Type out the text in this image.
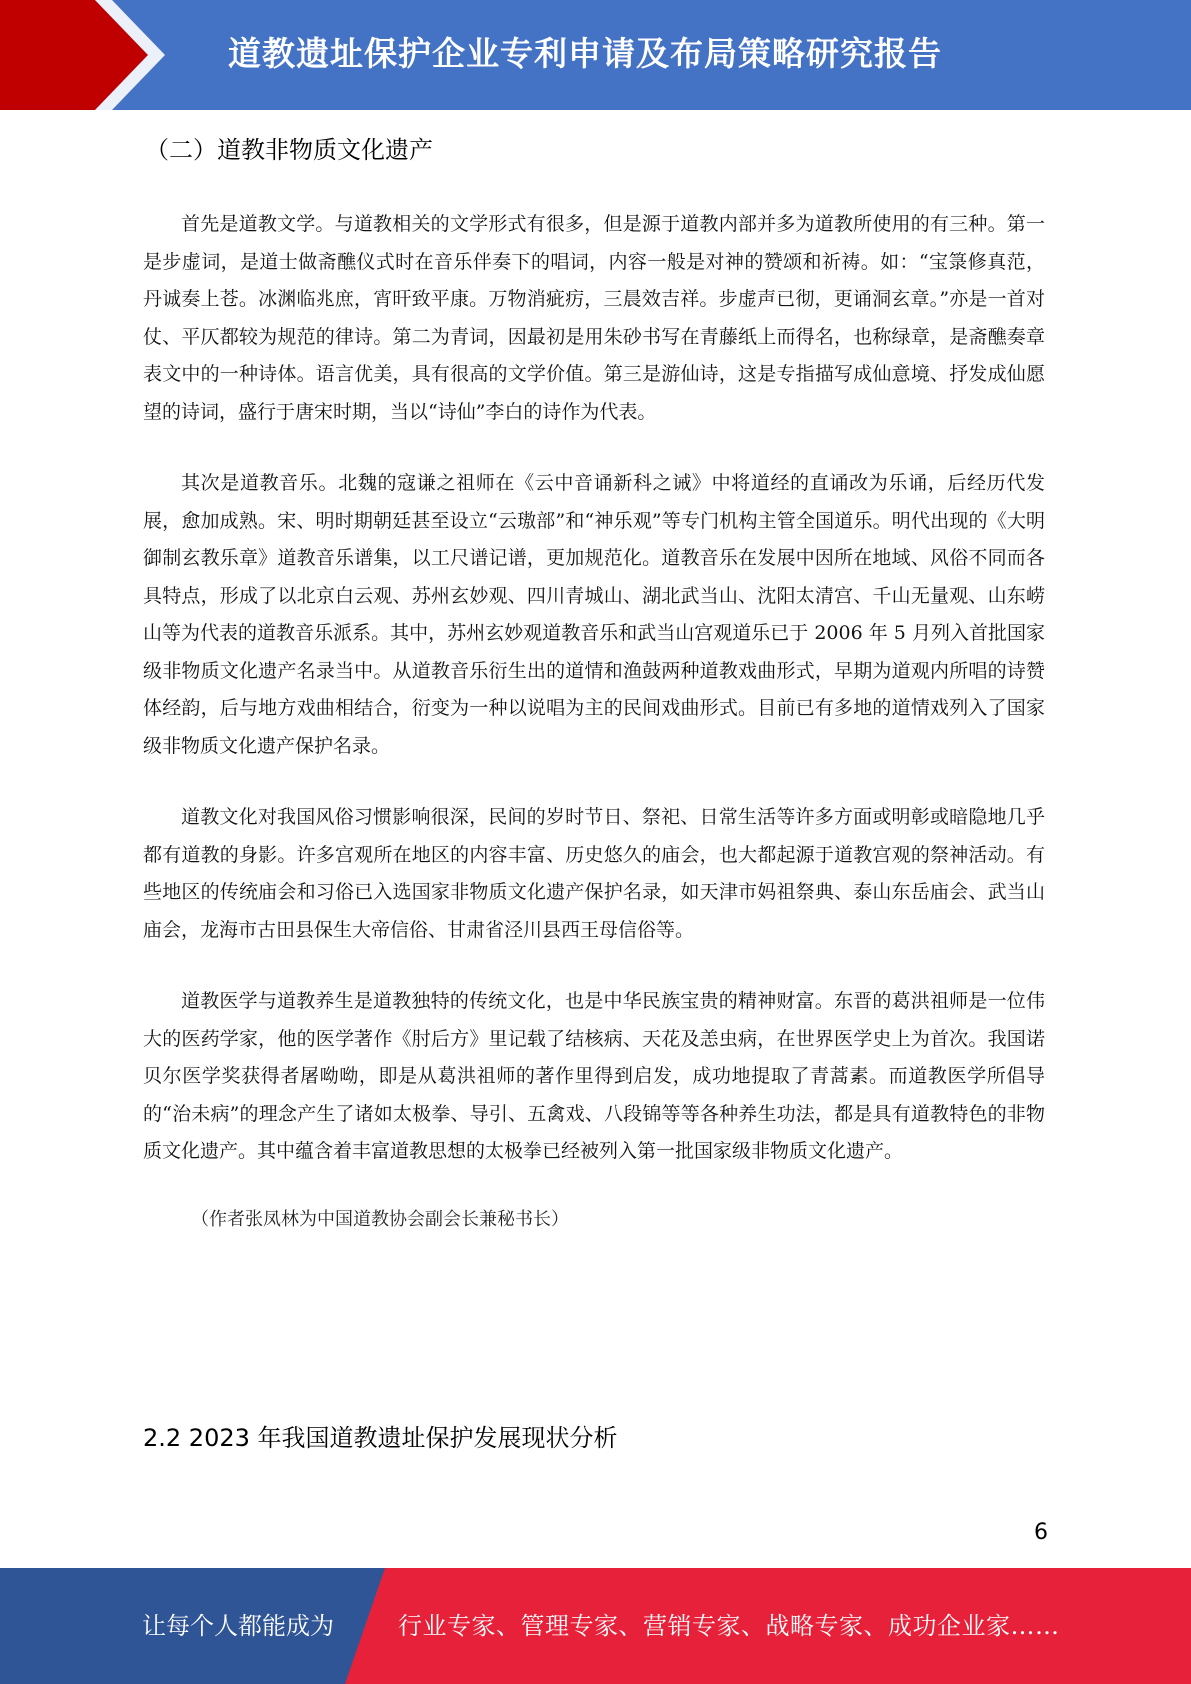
道教遗址保护企业专利申请及布局策略研究报告
（二）道教非物质文化遗产

首先是道教文学。与道教相关的文学形式有很多，但是源于道教内部并多为道教所使用的有三种。第一是步虚词，是道士做斋醮仪式时在音乐伴奏下的唱词，内容一般是对神的赞颂和祈祷。如：“宝箓修真范，丹诚奏上苍。冰渊临兆庶，宵旰致平康。万物消疵疠，三晨效吉祥。步虚声已彻，更诵洞玄章。”亦是一首对仗、平仄都较为规范的律诗。第二为青词，因最初是用朱砂书写在青藤纸上而得名，也称绿章，是斋醮奏章表文中的一种诗体。语言优美，具有很高的文学价值。第三是游仙诗，这是专指描写成仙意境、抒发成仙愿望的诗词，盛行于唐宋时期，当以“诗仙”李白的诗作为代表。

其次是道教音乐。北魏的寇谦之祖师在《云中音诵新科之诫》中将道经的直诵改为乐诵，后经历代发展，愈加成熟。宋、明时期朝廷甚至设立“云璈部”和“神乐观”等专门机构主管全国道乐。明代出现的《大明御制玄教乐章》道教音乐谱集，以工尺谱记谱，更加规范化。道教音乐在发展中因所在地域、风俗不同而各具特点，形成了以北京白云观、苏州玄妙观、四川青城山、湖北武当山、沈阳太清宫、千山无量观、山东崂山等为代表的道教音乐派系。其中，苏州玄妙观道教音乐和武当山宫观道乐已于 2006 年 5 月列入首批国家级非物质文化遗产名录当中。从道教音乐衍生出的道情和渔鼓两种道教戏曲形式，早期为道观内所唱的诗赞体经韵，后与地方戏曲相结合，衍变为一种以说唱为主的民间戏曲形式。目前已有多地的道情戏列入了国家级非物质文化遗产保护名录。

道教文化对我国风俗习惯影响很深，民间的岁时节日、祭祀、日常生活等许多方面或明彰或暗隐地几乎都有道教的身影。许多宫观所在地区的内容丰富、历史悠久的庙会，也大都起源于道教宫观的祭神活动。有些地区的传统庙会和习俗已入选国家非物质文化遗产保护名录，如天津市妈祖祭典、泰山东岳庙会、武当山庙会，龙海市古田县保生大帝信俗、甘肃省泾川县西王母信俗等。

道教医学与道教养生是道教独特的传统文化，也是中华民族宝贵的精神财富。东晋的葛洪祖师是一位伟大的医药学家，他的医学著作《肘后方》里记载了结核病、天花及恙虫病，在世界医学史上为首次。我国诺贝尔医学奖获得者屠呦呦，即是从葛洪祖师的著作里得到启发，成功地提取了青蒿素。而道教医学所倡导的“治未病”的理念产生了诸如太极拳、导引、五禽戏、八段锦等等各种养生功法，都是具有道教特色的非物质文化遗产。其中蕴含着丰富道教思想的太极拳已经被列入第一批国家级非物质文化遗产。

（作者张凤林为中国道教协会副会长兼秘书长）

2.2 2023 年我国道教遗址保护发展现状分析
6
让每个人都能成为	行业专家、管理专家、营销专家、战略专家、成功企业家……
